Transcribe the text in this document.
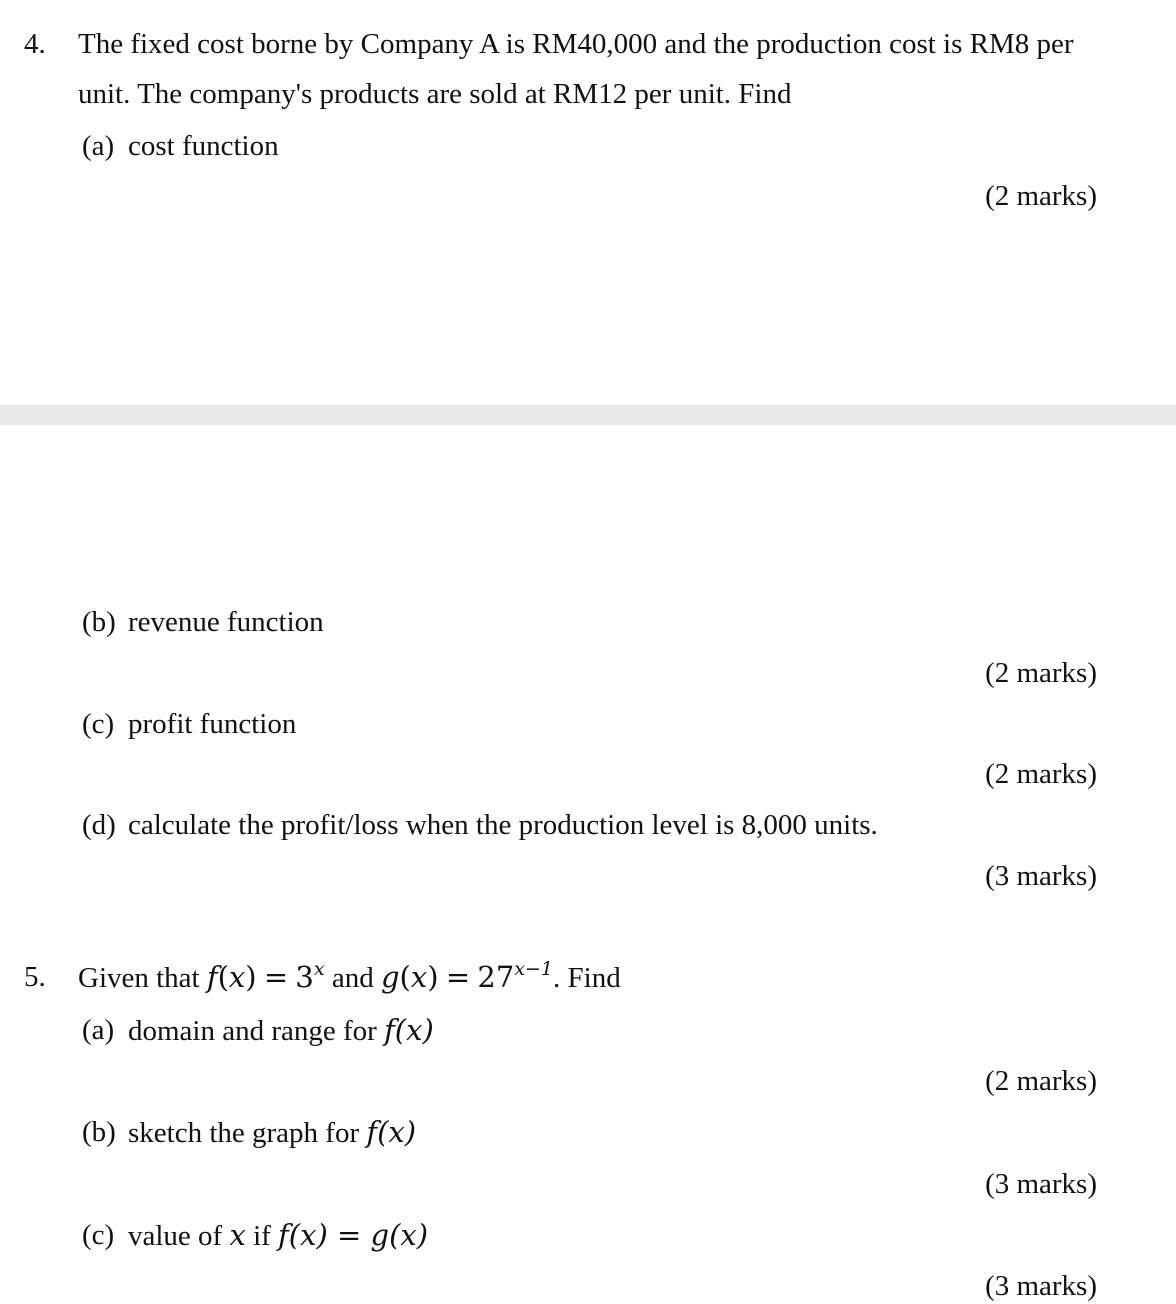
4. The fixed cost borne by Company A is RM40,000 and the production cost is RM8 per
unit. The company's products are sold at RM12 per unit. Find
(a) cost function
(2 marks)
(b) revenue function
(2 marks)
(c) profit function
(2 marks)
(d) calculate the profit/loss when the production level is 8,000 units.
(3 marks)
5. Given that $f(x) = 3^x$ and $g(x) = 27^{x-1}$. Find
(a) domain and range for f(x)
(2 marks)
(b) sketch the graph for f(x)
(3 marks)
(c) value of x if f(x) = g(x)
(3 marks)
